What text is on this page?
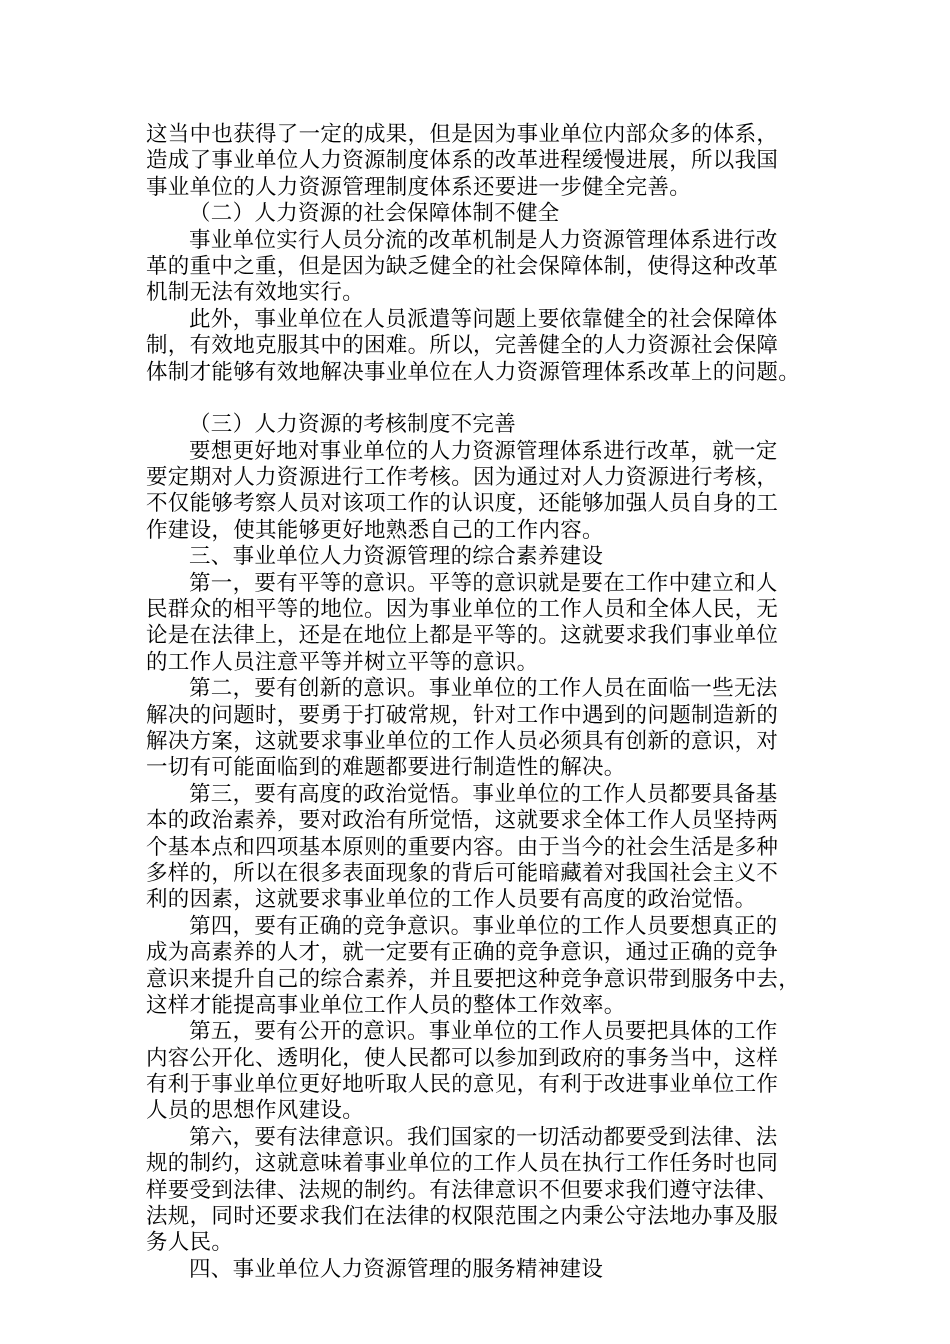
这当中也获得了一定的成果，但是因为事业单位内部众多的体系，
造成了事业单位人力资源制度体系的改革进程缓慢进展，所以我国
事业单位的人力资源管理制度体系还要进一步健全完善。
（二）人力资源的社会保障体制不健全
事业单位实行人员分流的改革机制是人力资源管理体系进行改
革的重中之重，但是因为缺乏健全的社会保障体制，使得这种改革
机制无法有效地实行。
此外，事业单位在人员派遣等问题上要依靠健全的社会保障体
制，有效地克服其中的困难。所以，完善健全的人力资源社会保障
体制才能够有效地解决事业单位在人力资源管理体系改革上的问题。
（三）人力资源的考核制度不完善
要想更好地对事业单位的人力资源管理体系进行改革，就一定
要定期对人力资源进行工作考核。因为通过对人力资源进行考核，
不仅能够考察人员对该项工作的认识度，还能够加强人员自身的工
作建设，使其能够更好地熟悉自己的工作内容。
三、事业单位人力资源管理的综合素养建设
第一，要有平等的意识。平等的意识就是要在工作中建立和人
民群众的相平等的地位。因为事业单位的工作人员和全体人民，无
论是在法律上，还是在地位上都是平等的。这就要求我们事业单位
的工作人员注意平等并树立平等的意识。
第二，要有创新的意识。事业单位的工作人员在面临一些无法
解决的问题时，要勇于打破常规，针对工作中遇到的问题制造新的
解决方案，这就要求事业单位的工作人员必须具有创新的意识，对
一切有可能面临到的难题都要进行制造性的解决。
第三，要有高度的政治觉悟。事业单位的工作人员都要具备基
本的政治素养，要对政治有所觉悟，这就要求全体工作人员坚持两
个基本点和四项基本原则的重要内容。由于当今的社会生活是多种
多样的，所以在很多表面现象的背后可能暗藏着对我国社会主义不
利的因素，这就要求事业单位的工作人员要有高度的政治觉悟。
第四，要有正确的竞争意识。事业单位的工作人员要想真正的
成为高素养的人才，就一定要有正确的竞争意识，通过正确的竞争
意识来提升自己的综合素养，并且要把这种竞争意识带到服务中去，
这样才能提高事业单位工作人员的整体工作效率。
第五，要有公开的意识。事业单位的工作人员要把具体的工作
内容公开化、透明化，使人民都可以参加到政府的事务当中，这样
有利于事业单位更好地听取人民的意见，有利于改进事业单位工作
人员的思想作风建设。
第六，要有法律意识。我们国家的一切活动都要受到法律、法
规的制约，这就意味着事业单位的工作人员在执行工作任务时也同
样要受到法律、法规的制约。有法律意识不但要求我们遵守法律、
法规，同时还要求我们在法律的权限范围之内秉公守法地办事及服
务人民。
四、事业单位人力资源管理的服务精神建设
